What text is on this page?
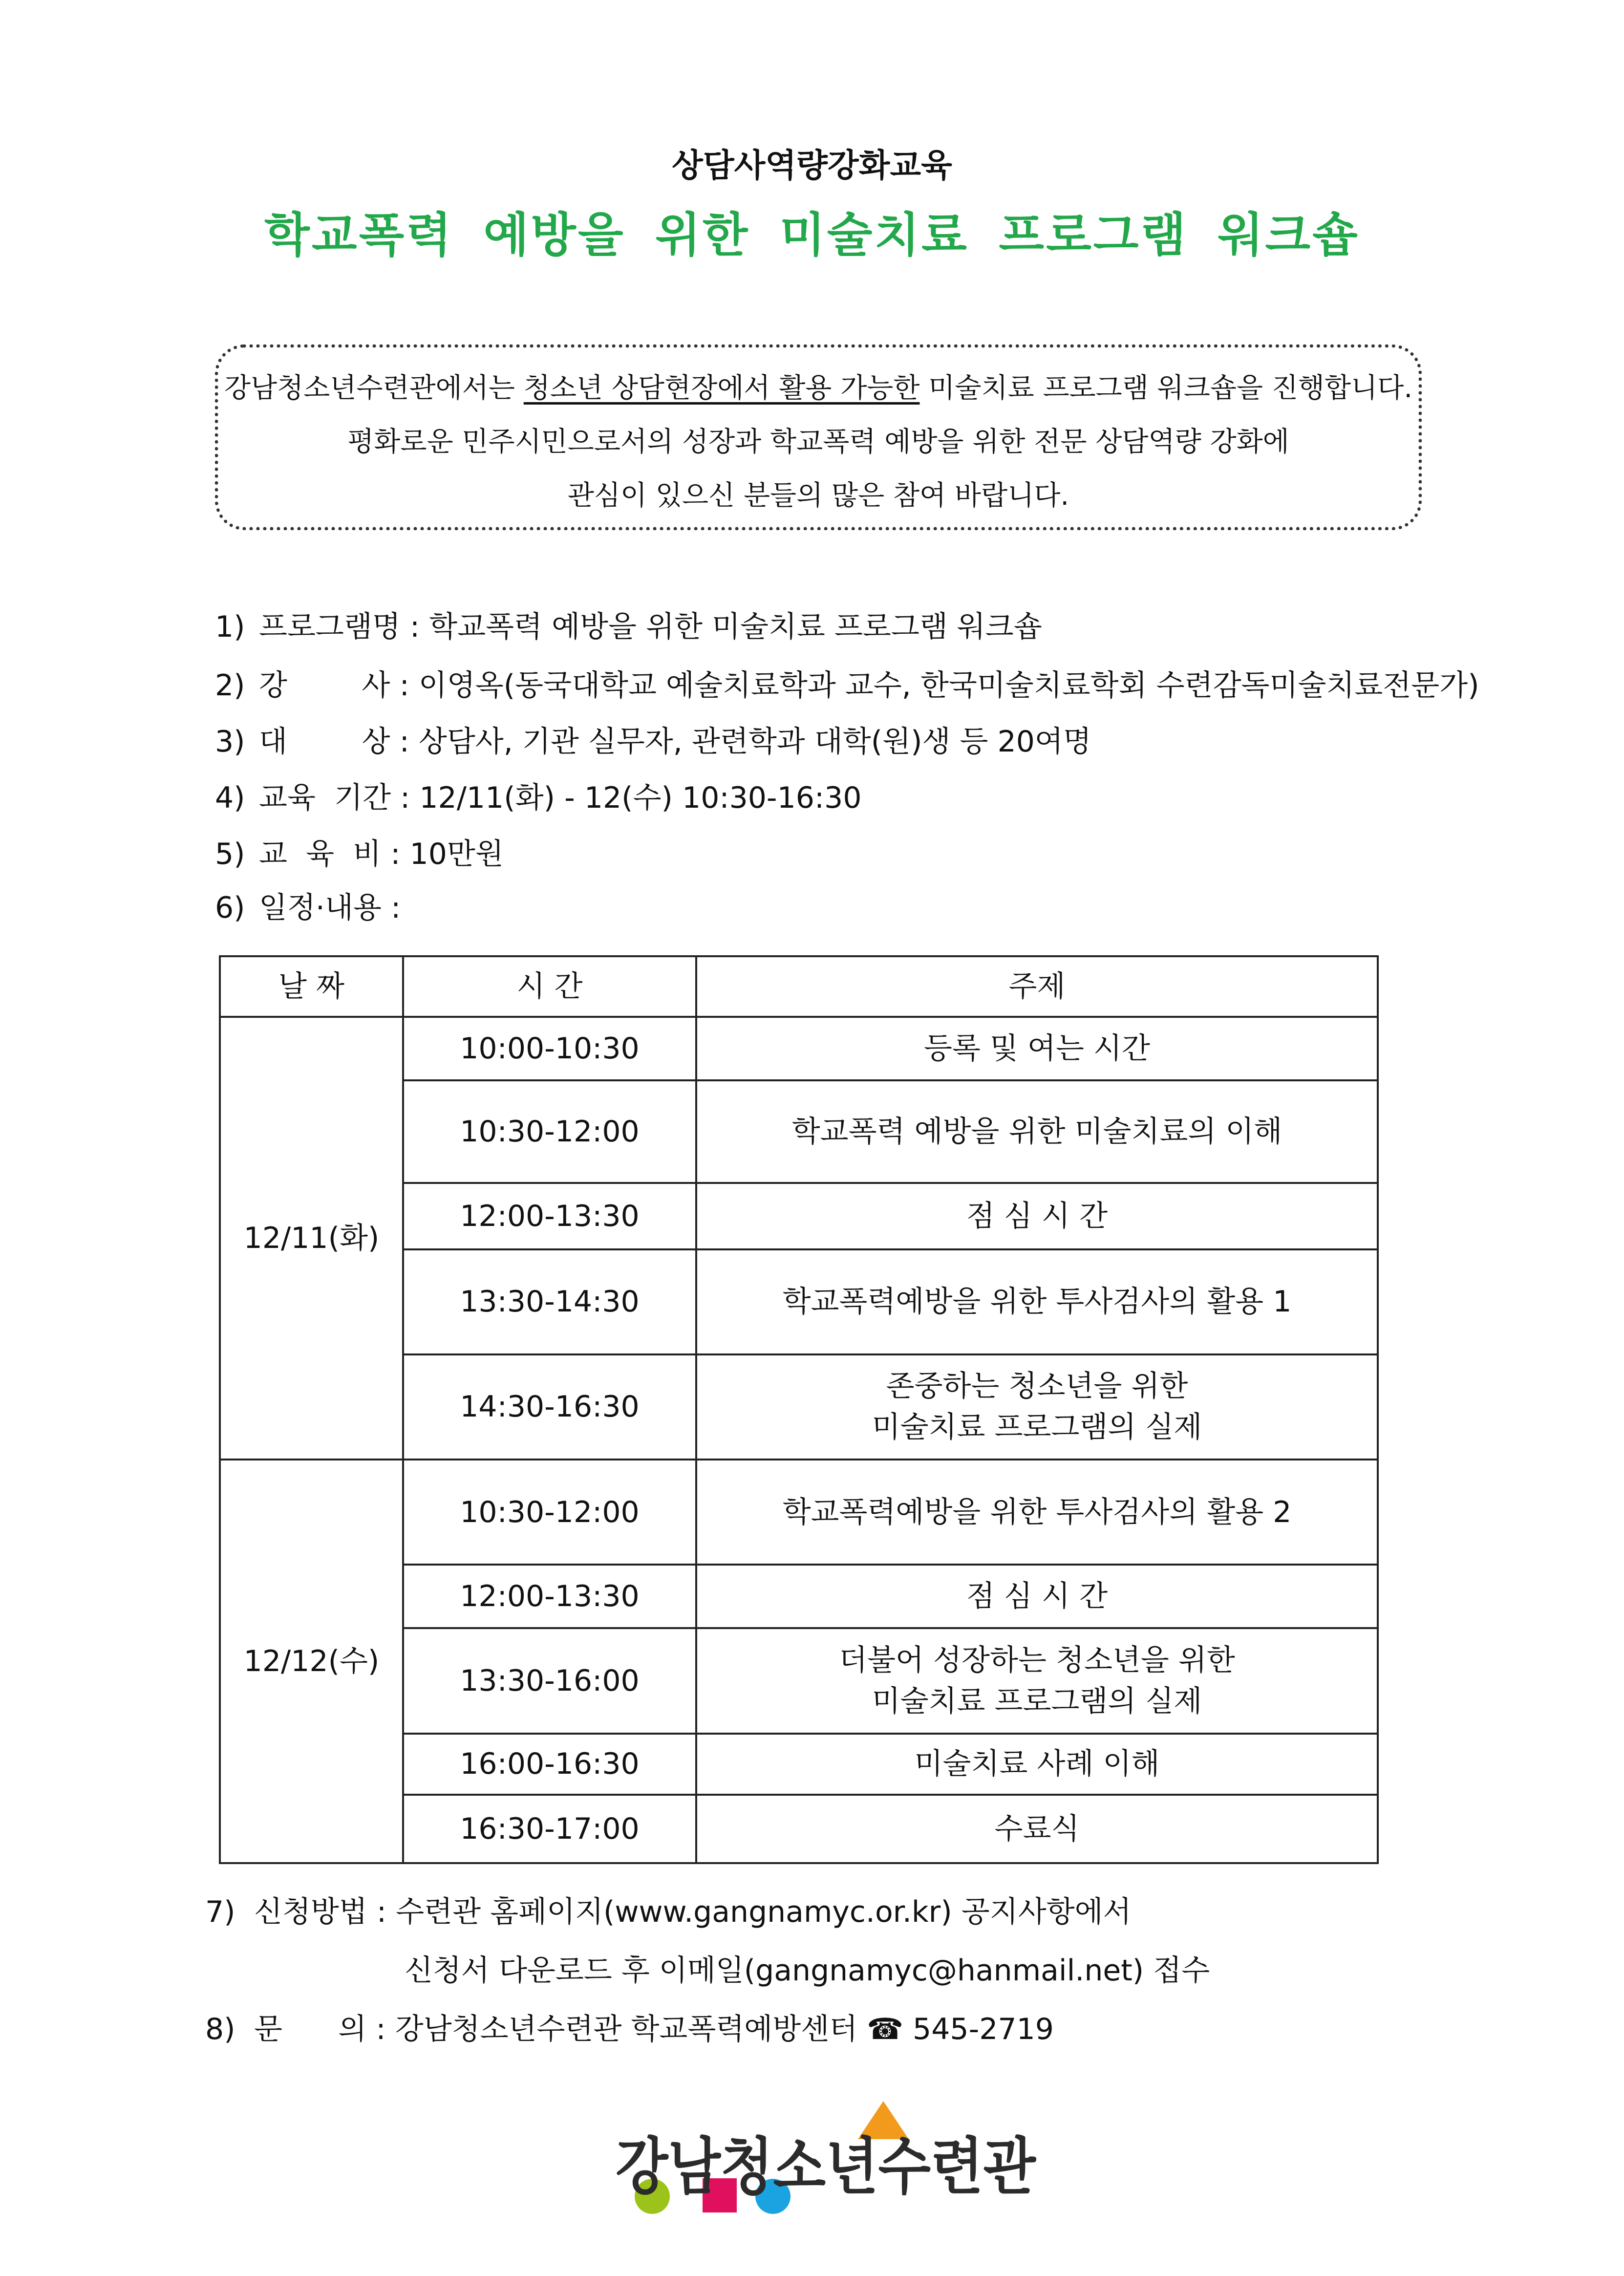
상담사역량강화교육
학교폭력 예방을 위한 미술치료 프로그램 워크숍
강남청소년수련관에서는 청소년 상담현장에서 활용 가능한 미술치료 프로그램 워크숍을 진행합니다.
평화로운 민주시민으로서의 성장과 학교폭력 예방을 위한 전문 상담역량 강화에
관심이 있으신 분들의 많은 참여 바랍니다.
1) 프로그램명 : 학교폭력 예방을 위한 미술치료 프로그램 워크숍
2) 강        사 : 이영옥(동국대학교 예술치료학과 교수, 한국미술치료학회 수련감독미술치료전문가)
3) 대        상 : 상담사, 기관 실무자, 관련학과 대학(원)생 등 20여명
4) 교육  기간 : 12/11(화) - 12(수) 10:30-16:30
5) 교  육  비 : 10만원
6) 일정·내용 :
날 짜	시 간	주제
12/11(화)	10:00-10:30	등록 및 여는 시간
	10:30-12:00	학교폭력 예방을 위한 미술치료의 이해
	12:00-13:30	점 심 시 간
	13:30-14:30	학교폭력예방을 위한 투사검사의 활용 1
	14:30-16:30	존중하는 청소년을 위한
미술치료 프로그램의 실제

12/12(수)	10:30-12:00	학교폭력예방을 위한 투사검사의 활용 2
	12:00-13:30	점 심 시 간
	13:30-16:00	더불어 성장하는 청소년을 위한
미술치료 프로그램의 실제

	16:00-16:30	미술치료 사례 이해
	16:30-17:00	수료식
7) 신청방법 : 수련관 홈페이지(www.gangnamyc.or.kr) 공지사항에서
신청서 다운로드 후 이메일(gangnamyc@hanmail.net) 접수
8) 문      의 : 강남청소년수련관 학교폭력예방센터 ☎ 545-2719
강남청소년수련관
